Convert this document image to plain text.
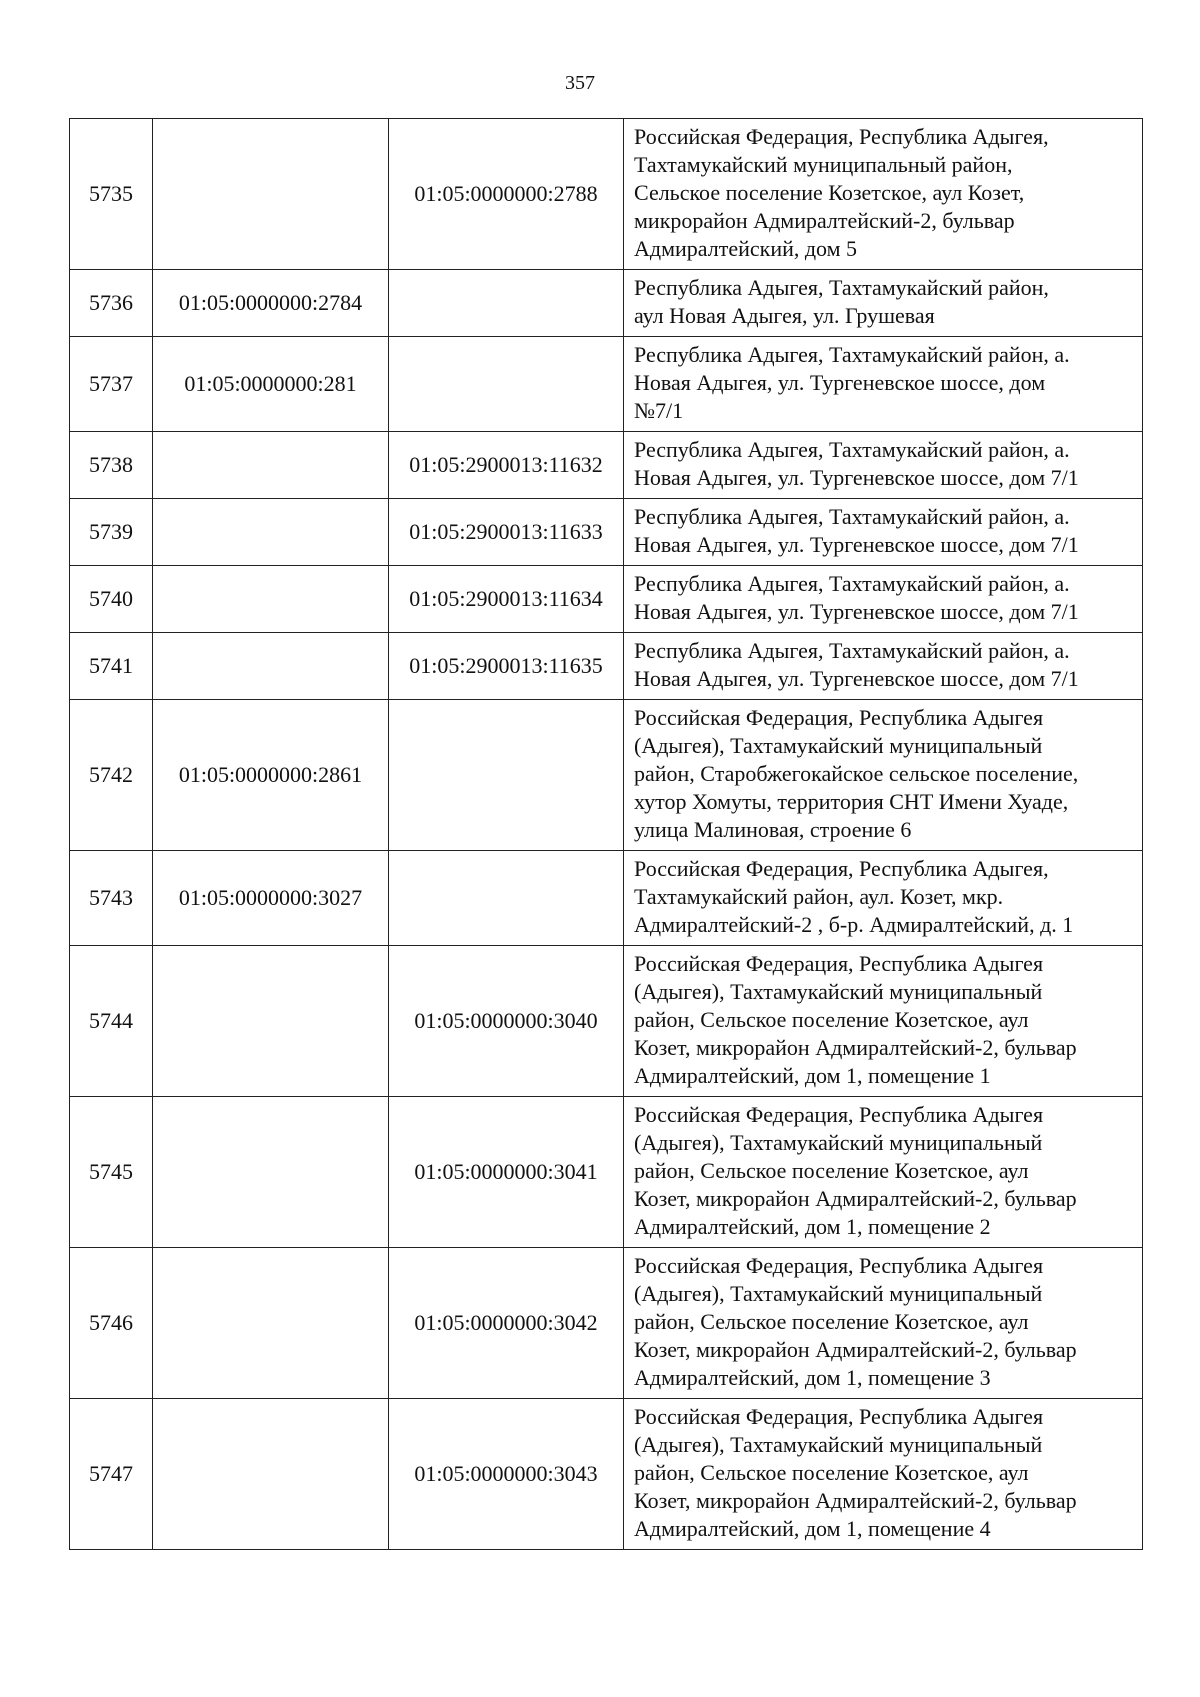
357
5735		01:05:0000000:2788	Российская Федерация, Республика Адыгея,
Тахтамукайский муниципальный район,
Сельское поселение Козетское, аул Козет,
микрорайон Адмиралтейский-2, бульвар
Адмиралтейский, дом 5
5736	01:05:0000000:2784		Республика Адыгея, Тахтамукайский район,
аул Новая Адыгея, ул. Грушевая
5737	01:05:0000000:281		Республика Адыгея, Тахтамукайский район, а.
Новая Адыгея, ул. Тургеневское шоссе, дом
№7/1
5738		01:05:2900013:11632	Республика Адыгея, Тахтамукайский район, а.
Новая Адыгея, ул. Тургеневское шоссе, дом 7/1
5739		01:05:2900013:11633	Республика Адыгея, Тахтамукайский район, а.
Новая Адыгея, ул. Тургеневское шоссе, дом 7/1
5740		01:05:2900013:11634	Республика Адыгея, Тахтамукайский район, а.
Новая Адыгея, ул. Тургеневское шоссе, дом 7/1
5741		01:05:2900013:11635	Республика Адыгея, Тахтамукайский район, а.
Новая Адыгея, ул. Тургеневское шоссе, дом 7/1
5742	01:05:0000000:2861		Российская Федерация, Республика Адыгея
(Адыгея), Тахтамукайский муниципальный
район, Старобжегокайское сельское поселение,
хутор Хомуты, территория СНТ Имени Хуаде,
улица Малиновая, строение 6
5743	01:05:0000000:3027		Российская Федерация, Республика Адыгея,
Тахтамукайский район, аул. Козет, мкр.
Адмиралтейский-2 , б-р. Адмиралтейский, д. 1
5744		01:05:0000000:3040	Российская Федерация, Республика Адыгея
(Адыгея), Тахтамукайский муниципальный
район, Сельское поселение Козетское, аул
Козет, микрорайон Адмиралтейский-2, бульвар
Адмиралтейский, дом 1, помещение 1
5745		01:05:0000000:3041	Российская Федерация, Республика Адыгея
(Адыгея), Тахтамукайский муниципальный
район, Сельское поселение Козетское, аул
Козет, микрорайон Адмиралтейский-2, бульвар
Адмиралтейский, дом 1, помещение 2
5746		01:05:0000000:3042	Российская Федерация, Республика Адыгея
(Адыгея), Тахтамукайский муниципальный
район, Сельское поселение Козетское, аул
Козет, микрорайон Адмиралтейский-2, бульвар
Адмиралтейский, дом 1, помещение 3
5747		01:05:0000000:3043	Российская Федерация, Республика Адыгея
(Адыгея), Тахтамукайский муниципальный
район, Сельское поселение Козетское, аул
Козет, микрорайон Адмиралтейский-2, бульвар
Адмиралтейский, дом 1, помещение 4
